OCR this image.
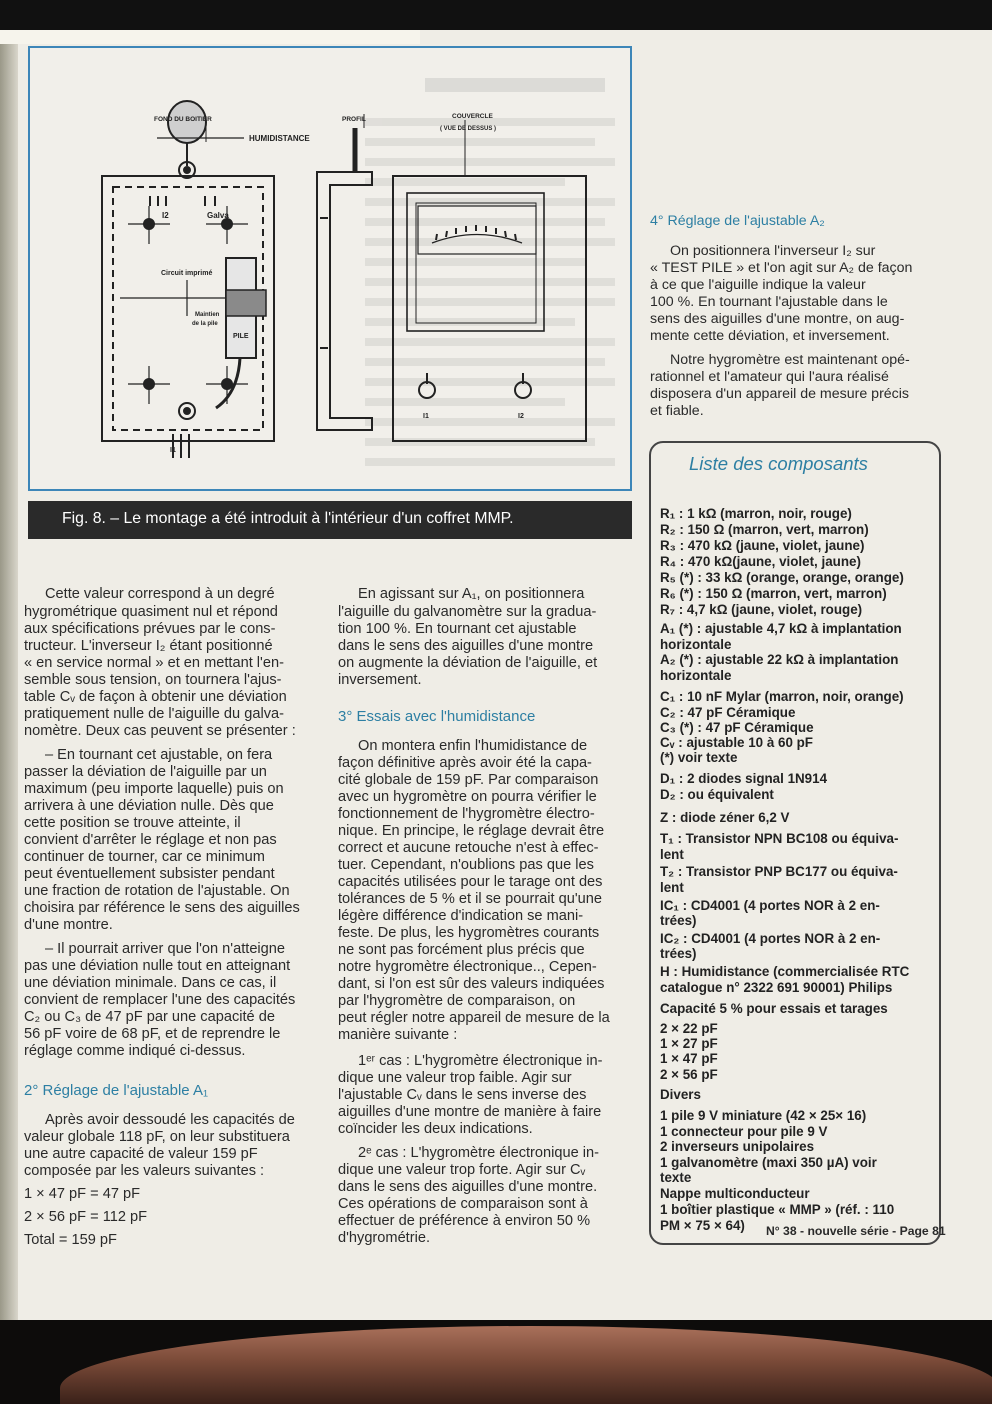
FOND DU BOITIER	PROFIL	COUVERCLE
( VUE DE DESSUS )
HUMIDISTANCE
I2	Galva
Circuit imprimé
Maintien
de la pile
PILE
I1
I1	I2
Fig. 8. – Le montage a été introduit à l'intérieur d'un coffret MMP.
Cette valeur correspond à un degré
hygrométrique quasiment nul et répond
aux spécifications prévues par le cons-
tructeur. L'inverseur I₂ étant positionné
« en service normal » et en mettant l'en-
semble sous tension, on tournera l'ajus-
table Cᵥ de façon à obtenir une déviation
pratiquement nulle de l'aiguille du galva-
nomètre. Deux cas peuvent se présenter :
– En tournant cet ajustable, on fera
passer la déviation de l'aiguille par un
maximum (peu importe laquelle) puis on
arrivera à une déviation nulle. Dès que
cette position se trouve atteinte, il
convient d'arrêter le réglage et non pas
continuer de tourner, car ce minimum
peut éventuellement subsister pendant
une fraction de rotation de l'ajustable. On
choisira par référence le sens des aiguilles
d'une montre.
– Il pourrait arriver que l'on n'atteigne
pas une déviation nulle tout en atteignant
une déviation minimale. Dans ce cas, il
convient de remplacer l'une des capacités
C₂ ou C₃ de 47 pF par une capacité de
56 pF voire de 68 pF, et de reprendre le
réglage comme indiqué ci-dessus.
2° Réglage de l'ajustable A₁
Après avoir dessoudé les capacités de
valeur globale 118 pF, on leur substituera
une autre capacité de valeur 159 pF
composée par les valeurs suivantes :
1 × 47 pF = 47 pF
2 × 56 pF = 112 pF
Total = 159 pF
En agissant sur A₁, on positionnera
l'aiguille du galvanomètre sur la gradua-
tion 100 %. En tournant cet ajustable
dans le sens des aiguilles d'une montre
on augmente la déviation de l'aiguille, et
inversement.
3° Essais avec l'humidistance
On montera enfin l'humidistance de
façon définitive après avoir été la capa-
cité globale de 159 pF. Par comparaison
avec un hygromètre on pourra vérifier le
fonctionnement de l'hygromètre électro-
nique. En principe, le réglage devrait être
correct et aucune retouche n'est à effec-
tuer. Cependant, n'oublions pas que les
capacités utilisées pour le tarage ont des
tolérances de 5 % et il se pourrait qu'une
légère différence d'indication se mani-
feste. De plus, les hygromètres courants
ne sont pas forcément plus précis que
notre hygromètre électronique.., Cepen-
dant, si l'on est sûr des valeurs indiquées
par l'hygromètre de comparaison, on
peut régler notre appareil de mesure de la
manière suivante :
1ᵉʳ cas : L'hygromètre électronique in-
dique une valeur trop faible. Agir sur
l'ajustable Cᵥ dans le sens inverse des
aiguilles d'une montre de manière à faire
coïncider les deux indications.
2ᵉ cas : L'hygromètre électronique in-
dique une valeur trop forte. Agir sur Cᵥ
dans le sens des aiguilles d'une montre.
Ces opérations de comparaison sont à
effectuer de préférence à environ 50 %
d'hygrométrie.
4° Réglage de l'ajustable A₂
On positionnera l'inverseur I₂ sur
« TEST PILE » et l'on agit sur A₂ de façon
à ce que l'aiguille indique la valeur
100 %. En tournant l'ajustable dans le
sens des aiguilles d'une montre, on aug-
mente cette déviation, et inversement.
Notre hygromètre est maintenant opé-
rationnel et l'amateur qui l'aura réalisé
disposera d'un appareil de mesure précis
et fiable.
Liste des composants
R₁ : 1 kΩ (marron, noir, rouge)
R₂ : 150 Ω (marron, vert, marron)
R₃ : 470 kΩ (jaune, violet, jaune)
R₄ : 470 kΩ(jaune, violet, jaune)
R₅ (*) : 33 kΩ (orange, orange, orange)
R₆ (*) : 150 Ω (marron, vert, marron)
R₇ : 4,7 kΩ (jaune, violet, rouge)
A₁ (*) : ajustable 4,7 kΩ à implantation
horizontale
A₂ (*) : ajustable 22 kΩ à implantation
horizontale
C₁ : 10 nF Mylar (marron, noir, orange)
C₂ : 47 pF Céramique
C₃ (*) : 47 pF Céramique
Cᵥ : ajustable 10 à 60 pF
(*) voir texte
D₁ : 2 diodes signal 1N914
D₂ : ou équivalent
Z : diode zéner 6,2 V
T₁ : Transistor NPN BC108 ou équiva-
lent
T₂ : Transistor PNP BC177 ou équiva-
lent
IC₁ : CD4001 (4 portes NOR à 2 en-
trées)
IC₂ : CD4001 (4 portes NOR à 2 en-
trées)
H : Humidistance (commercialisée RTC
catalogue n° 2322 691 90001) Philips
Capacité 5 % pour essais et tarages
2 × 22 pF
1 × 27 pF
1 × 47 pF
2 × 56 pF
Divers
1 pile 9 V miniature (42 × 25× 16)
1 connecteur pour pile 9 V
2 inverseurs unipolaires
1 galvanomètre (maxi 350 µA) voir
texte
Nappe multiconducteur
1 boîtier plastique « MMP » (réf. : 110
PM × 75 × 64) N° 38 - nouvelle série - Page 81
